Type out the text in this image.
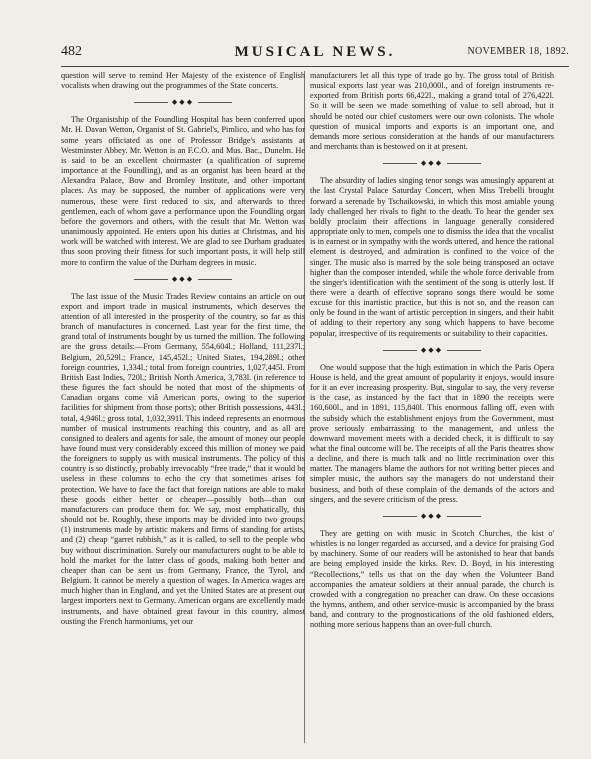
482	MUSICAL NEWS.	NOVEMBER 18, 1892.

question will serve to remind Her Majesty of the existence of English vocalists when drawing out the programmes of the State concerts.

◆◆◆

The Organistship of the Foundling Hospital has been conferred upon Mr. H. Davan Wetton, Organist of St. Gabriel's, Pimlico, and who has for some years officiated as one of Professor Bridge's assistants at Westminster Abbey. Mr. Wetton is an F.C.O. and Mus. Bac., Dunelm. He is said to be an excellent choirmaster (a qualification of supreme importance at the Foundling), and as an organist has been heard at the Alexandra Palace, Bow and Bromley Institute, and other important places. As may be supposed, the number of applications were very numerous, these were first reduced to six, and afterwards to three gentlemen, each of whom gave a performance upon the Foundling organ before the governors and others, with the result that Mr. Wetton was unanimously appointed. He enters upon his duties at Christmas, and his work will be watched with interest. We are glad to see Durham graduates thus soon proving their fitness for such important posts, it will help still more to confirm the value of the Durham degrees in music.

◆◆◆

The last issue of the Music Trades Review contains an article on our export and import trade in musical instruments, which deserves the attention of all interested in the prosperity of the country, so far as this branch of manufactures is concerned. Last year for the first time, the grand total of instruments bought by us turned the million. The following are the gross details:—From Germany, 554,604l.; Holland, 111,237l.; Belgium, 20,529l.; France, 145,452l.; United States, 194,289l.; other foreign countries, 1,334l.; total from foreign countries, 1,027,445l. From British East Indies, 720l.; British North America, 3,783l. (in reference to these figures the fact should be noted that most of the shipments of Canadian organs come viâ American ports, owing to the superior facilities for shipment from those ports); other British possessions, 443l.; total, 4,946l.; gross total, 1,032,391l. This indeed represents an enormous number of musical instruments reaching this country, and as all are consigned to dealers and agents for sale, the amount of money our people have found must very considerably exceed this million of money we paid the foreigners to supply us with musical instruments. The policy of this country is so distinctly, probably irrevocably “free trade,” that it would be useless in these columns to echo the cry that sometimes arises for protection. We have to face the fact that foreign nations are able to make these goods either better or cheaper—possibly both—than our manufacturers can produce them for. We say, most emphatically, this should not be. Roughly, these imports may be divided into two groups: (1) instruments made by artistic makers and firms of standing for artists, and (2) cheap “garret rubbish,” as it is called, to sell to the people who buy without discrimination. Surely our manufacturers ought to be able to hold the market for the latter class of goods, making both better and cheaper than can be sent us from Germany, France, the Tyrol, and Belgium. It cannot be merely a question of wages. In America wages are much higher than in England, and yet the United States are at present our largest importers next to Germany. American organs are excellently made instruments, and have obtained great favour in this country, almost ousting the French harmoniums, yet our

manufacturers let all this type of trade go by. The gross total of British musical exports last year was 210,000l., and of foreign instruments re-exported from British ports 66,422l., making a grand total of 276,422l. So it will be seen we made something of value to sell abroad, but it should be noted our chief customers were our own colonists. The whole question of musical imports and exports is an important one, and demands more serious consideration at the hands of our manufacturers and merchants than is bestowed on it at present.

◆◆◆

The absurdity of ladies singing tenor songs was amusingly apparent at the last Crystal Palace Saturday Concert, when Miss Trebelli brought forward a serenade by Tschaikowski, in which this most amiable young lady challenged her rivals to fight to the death. To hear the gender sex boldly proclaim their affections in language generally considered appropriate only to men, compels one to dismiss the idea that the vocalist is in earnest or in sympathy with the words uttered, and hence the rational element is destroyed, and admiration is confined to the voice of the singer. The music also is marred by the sole being transposed an octave higher than the composer intended, while the whole force derivable from the singer's identification with the sentiment of the song is utterly lost. If there were a dearth of effective soprano songs there would be some excuse for this inartistic practice, but this is not so, and the reason can only be found in the want of artistic perception in singers, and their habit of adding to their repertory any song which happens to have become popular, irrespective of its requirements or suitability to their capacities.

◆◆◆

One would suppose that the high estimation in which the Paris Opera House is held, and the great amount of popularity it enjoys, would insure for it an ever increasing prosperity. But, singular to say, the very reverse is the case, as instanced by the fact that in 1890 the receipts were 160,600l., and in 1891, 115,840l. This enormous falling off, even with the subsidy which the establishment enjoys from the Government, must prove seriously embarrassing to the management, and unless the downward movement meets with a decided check, it is difficult to say what the final outcome will be. The receipts of all the Paris theatres show a decline, and there is much talk and no little recrimination over this matter. The managers blame the authors for not writing better pieces and simpler music, the authors say the managers do not understand their business, and both of these complain of the demands of the actors and singers, and the severe criticism of the press.

◆◆◆

They are getting on with music in Scotch Churches, the kist o' whistles is no longer regarded as accursed, and a device for praising God by machinery. Some of our readers will be astonished to hear that bands are being employed inside the kirks. Rev. D. Boyd, in his interesting “Recollections,” tells us that on the day when the Volunteer Band accompanies the amateur soldiers at their annual parade, the church is crowded with a congregation no preacher can draw. On these occasions the hymns, anthem, and other service-music is accompanied by the brass band, and contrary to the prognostications of the old fashioned elders, nothing more serious happens than an over-full church.
